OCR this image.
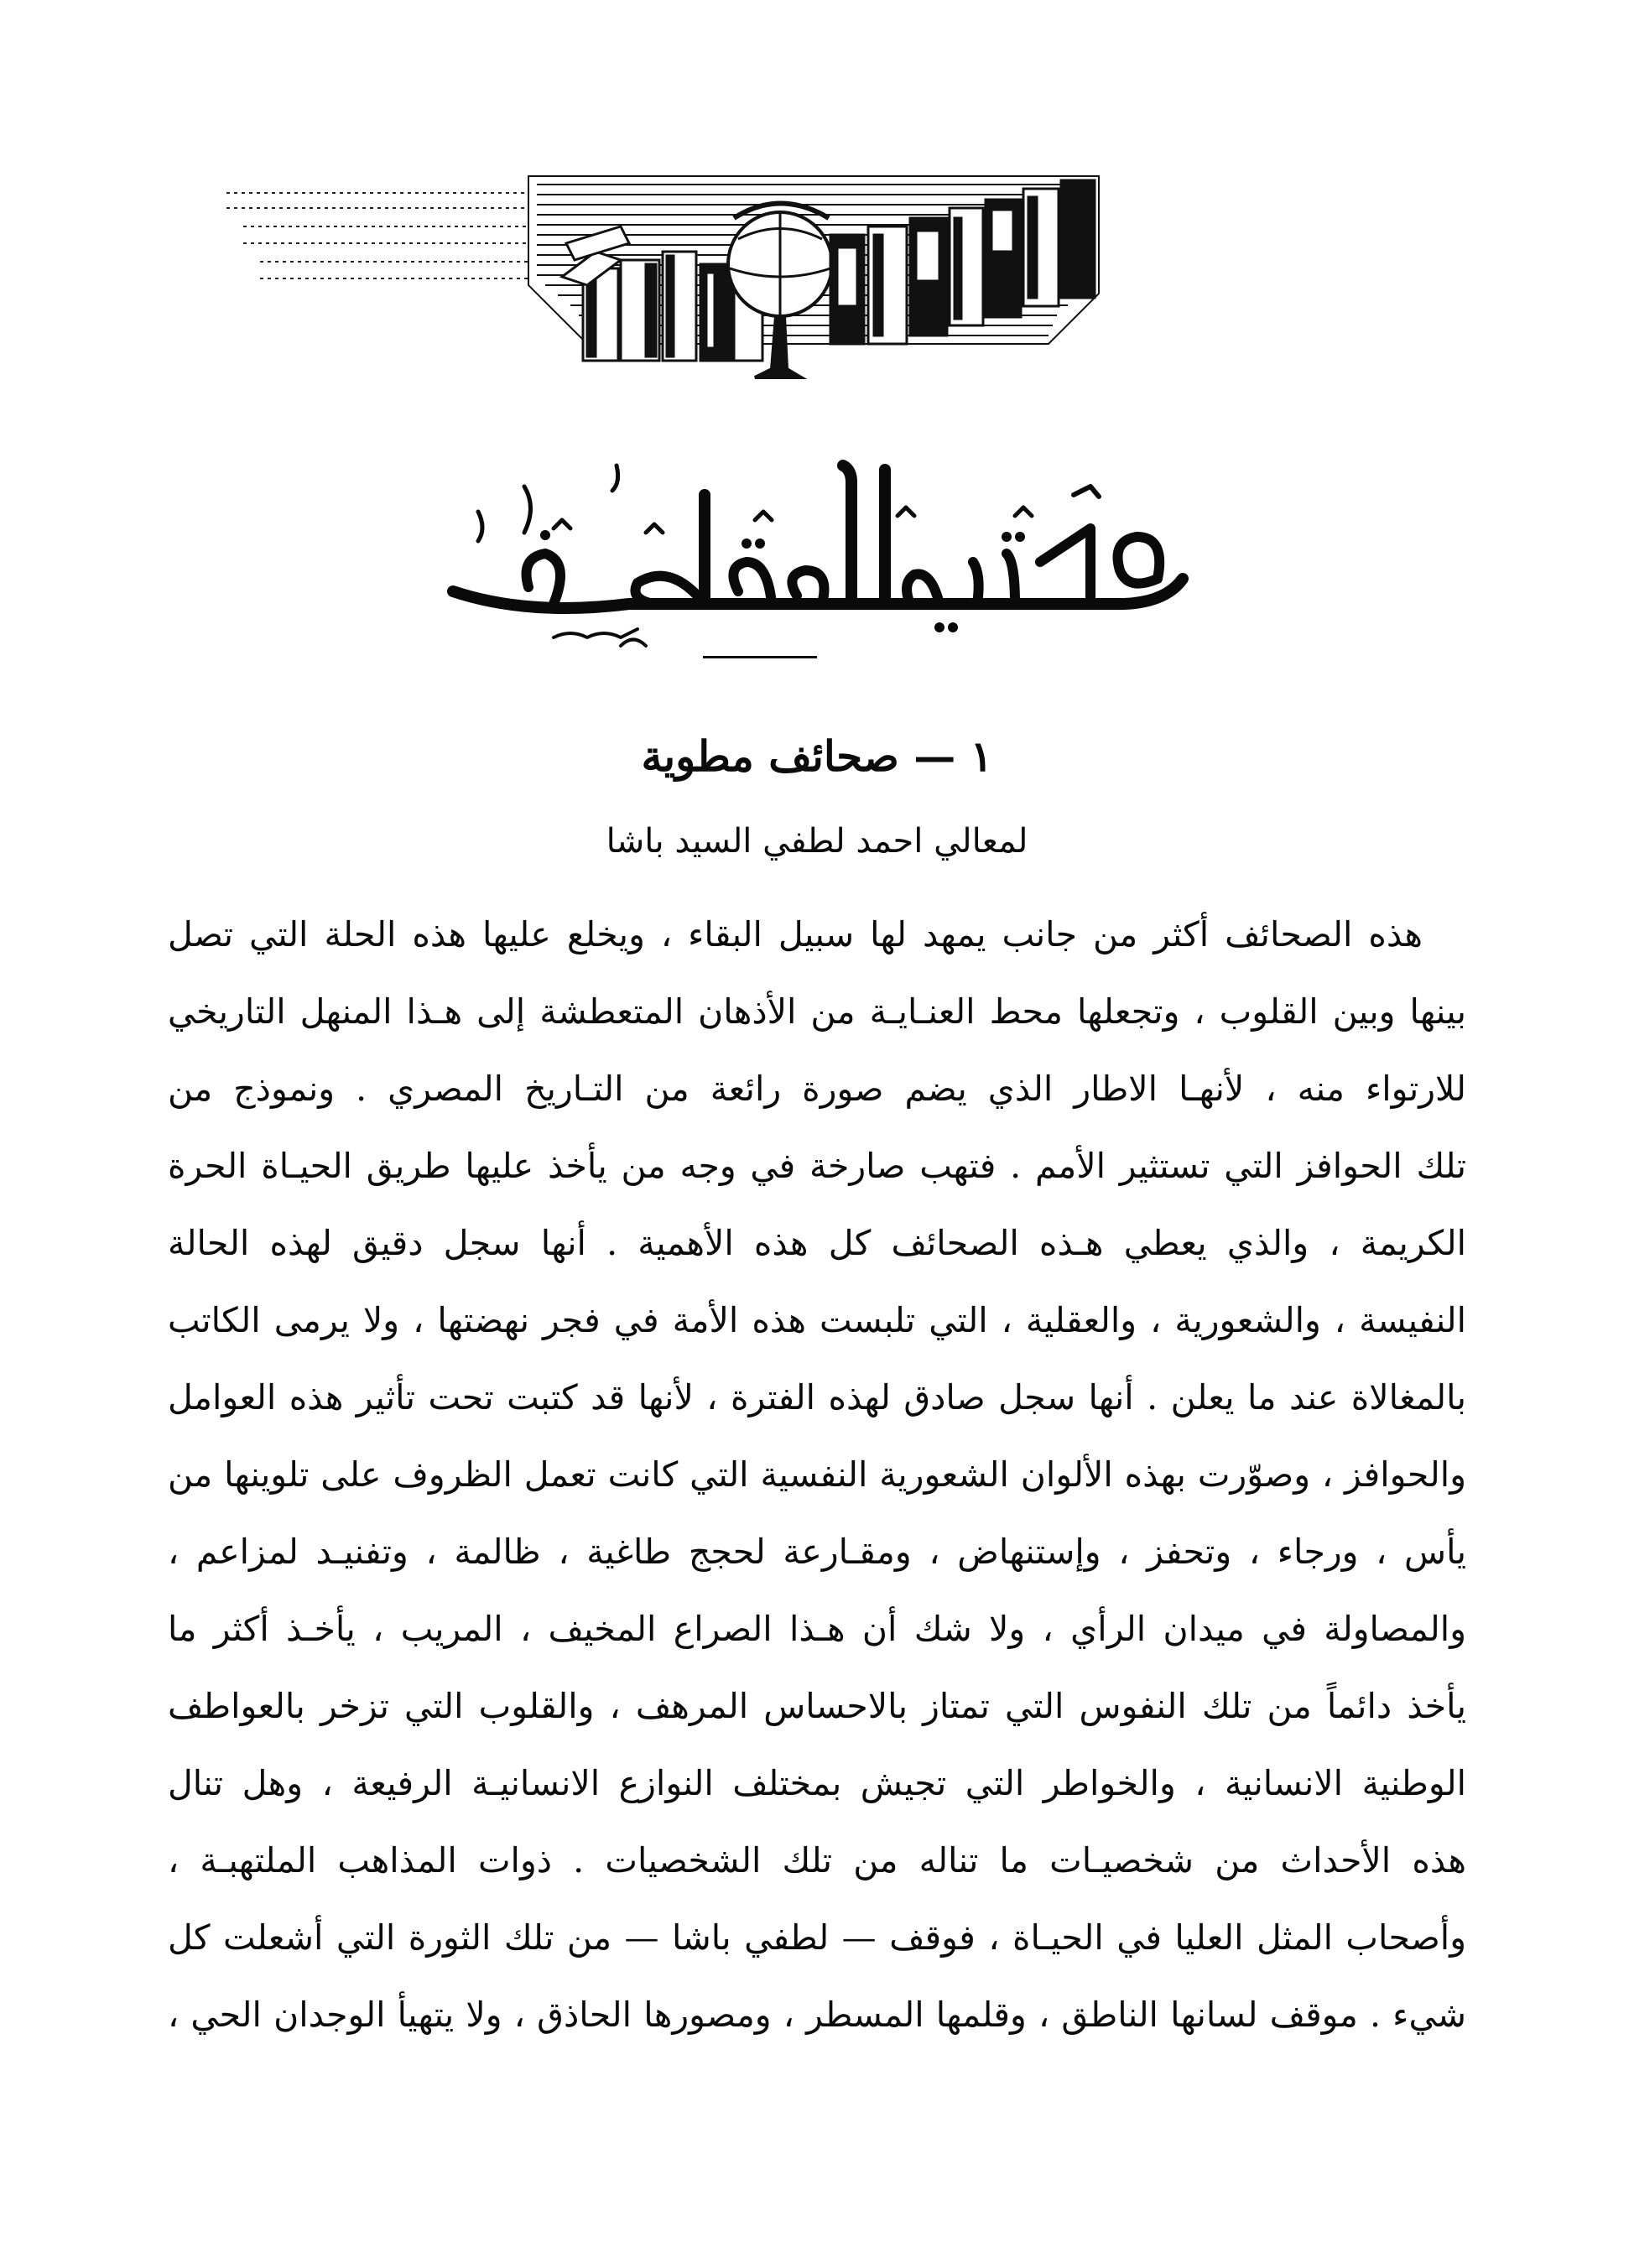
١ — صحائف مطوية
لمعالي احمد لطفي السيد باشا
هذه الصحائف أكثر من جانب يمهد لها سبيل البقاء ، ويخلع عليها هذه الحلة التي تصل
بينها وبين القلوب ، وتجعلها محط العنـايـة من الأذهان المتعطشة إلى هـذا المنهل التاريخي
للارتواء منه ، لأنهـا الاطار الذي يضم صورة رائعة من التـاريخ المصري . ونموذج من
تلك الحوافز التي تستثير الأمم . فتهب صارخة في وجه من يأخذ عليها طريق الحيـاة الحرة
الكريمة ، والذي يعطي هـذه الصحائف كل هذه الأهمية . أنها سجل دقيق لهذه الحالة
النفيسة ، والشعورية ، والعقلية ، التي تلبست هذه الأمة في فجر نهضتها ، ولا يرمى الكاتب
بالمغالاة عند ما يعلن . أنها سجل صادق لهذه الفترة ، لأنها قد كتبت تحت تأثير هذه العوامل
والحوافز ، وصوّرت بهذه الألوان الشعورية النفسية التي كانت تعمل الظروف على تلوينها من
يأس ، ورجاء ، وتحفز ، وإستنهاض ، ومقـارعة لحجج طاغية ، ظالمة ، وتفنيـد لمزاعم ،
والمصاولة في ميدان الرأي ، ولا شك أن هـذا الصراع المخيف ، المريب ، يأخـذ أكثر ما
يأخذ دائماً من تلك النفوس التي تمتاز بالاحساس المرهف ، والقلوب التي تزخر بالعواطف
الوطنية الانسانية ، والخواطر التي تجيش بمختلف النوازع الانسانيـة الرفيعة ، وهل تنال
هذه الأحداث من شخصيـات ما تناله من تلك الشخصيات . ذوات المذاهب الملتهبـة ،
وأصحاب المثل العليا في الحيـاة ، فوقف — لطفي باشا — من تلك الثورة التي أشعلت كل
شيء . موقف لسانها الناطق ، وقلمها المسطر ، ومصورها الحاذق ، ولا يتهيأ الوجدان الحي ،
